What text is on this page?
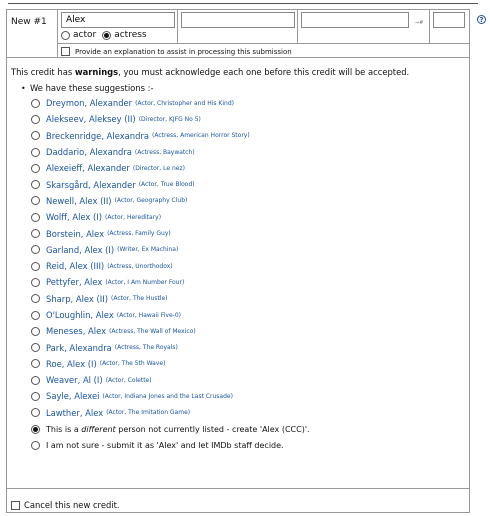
New #1
Alex	⇒#
actor actress
Provide an explanation to assist in processing this submission
This credit has warnings, you must acknowledge each one before this credit will be accepted.
• We have these suggestions :-
Dreymon, Alexander (Actor, Christopher and His Kind)
Alekseev, Aleksey (II) (Director, KJFG No 5)
Breckenridge, Alexandra (Actress, American Horror Story)
Daddario, Alexandra (Actress, Baywatch)
Alexeieff, Alexander (Director, Le nez)
Skarsgård, Alexander (Actor, True Blood)
Newell, Alex (II) (Actor, Geography Club)
Wolff, Alex (I) (Actor, Hereditary)
Borstein, Alex (Actress, Family Guy)
Garland, Alex (I) (Writer, Ex Machina)
Reid, Alex (III) (Actress, Unorthodox)
Pettyfer, Alex (Actor, I Am Number Four)
Sharp, Alex (II) (Actor, The Hustle)
O'Loughlin, Alex (Actor, Hawaii Five-0)
Meneses, Alex (Actress, The Wall of Mexico)
Park, Alexandra (Actress, The Royals)
Roe, Alex (I) (Actor, The 5th Wave)
Weaver, Al (I) (Actor, Colette)
Sayle, Alexei (Actor, Indiana Jones and the Last Crusade)
Lawther, Alex (Actor, The Imitation Game)
This is a different person not currently listed - create 'Alex (CCC)'.
I am not sure - submit it as 'Alex' and let IMDb staff decide.
Cancel this new credit.
?
